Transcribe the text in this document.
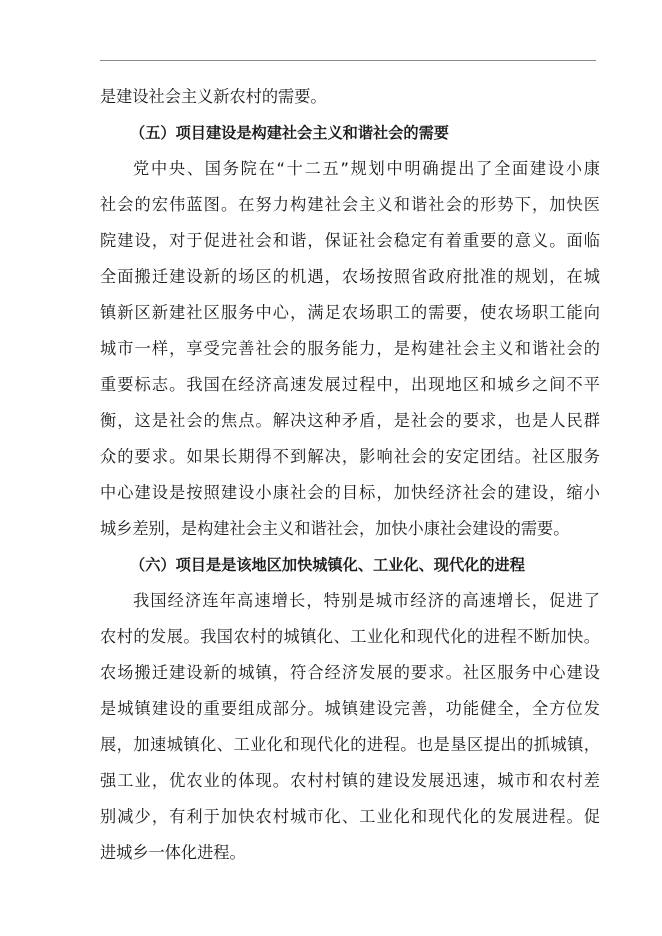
是建设社会主义新农村的需要。
（五）项目建设是构建社会主义和谐社会的需要
党中央、国务院在“十二五”规划中明确提出了全面建设小康
社会的宏伟蓝图。在努力构建社会主义和谐社会的形势下，加快医
院建设，对于促进社会和谐，保证社会稳定有着重要的意义。面临
全面搬迁建设新的场区的机遇，农场按照省政府批准的规划，在城
镇新区新建社区服务中心，满足农场职工的需要，使农场职工能向
城市一样，享受完善社会的服务能力，是构建社会主义和谐社会的
重要标志。我国在经济高速发展过程中，出现地区和城乡之间不平
衡，这是社会的焦点。解决这种矛盾，是社会的要求，也是人民群
众的要求。如果长期得不到解决，影响社会的安定团结。社区服务
中心建设是按照建设小康社会的目标，加快经济社会的建设，缩小
城乡差别，是构建社会主义和谐社会，加快小康社会建设的需要。
（六）项目是是该地区加快城镇化、工业化、现代化的进程
我国经济连年高速增长，特别是城市经济的高速增长，促进了
农村的发展。我国农村的城镇化、工业化和现代化的进程不断加快。
农场搬迁建设新的城镇，符合经济发展的要求。社区服务中心建设
是城镇建设的重要组成部分。城镇建设完善，功能健全，全方位发
展，加速城镇化、工业化和现代化的进程。也是垦区提出的抓城镇，
强工业，优农业的体现。农村村镇的建设发展迅速，城市和农村差
别减少，有利于加快农村城市化、工业化和现代化的发展进程。促
进城乡一体化进程。
